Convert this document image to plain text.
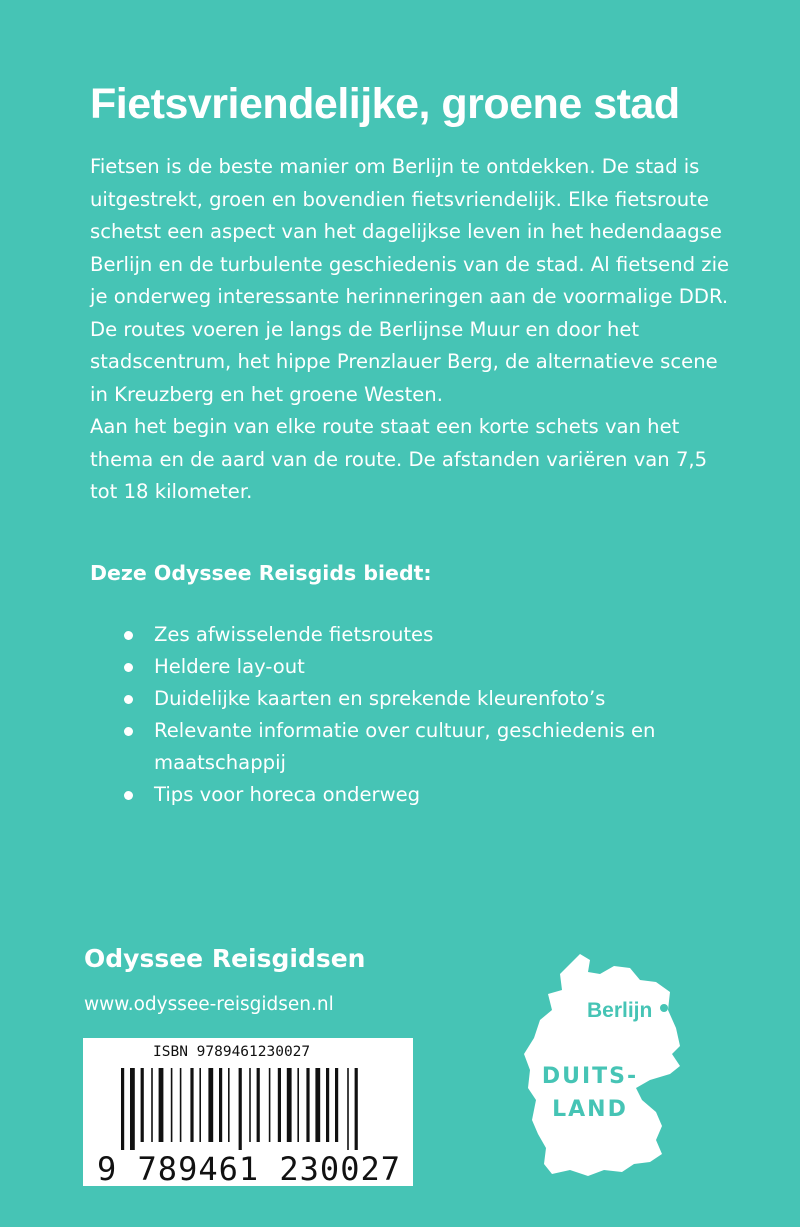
Fietsvriendelijke, groene stad

Fietsen is de beste manier om Berlijn te ontdekken. De stad is uitgestrekt, groen en bovendien fietsvriendelijk. Elke fietsroute schetst een aspect van het dagelijkse leven in het hedendaagse Berlijn en de turbulente geschiedenis van de stad. Al fietsend zie je onderweg interessante herinneringen aan de voormalige DDR. De routes voeren je langs de Berlijnse Muur en door het stadscentrum, het hippe Prenzlauer Berg, de alternatieve scene in Kreuzberg en het groene Westen.

Aan het begin van elke route staat een korte schets van het thema en de aard van de route. De afstanden variëren van 7,5 tot 18 kilometer.

Deze Odyssee Reisgids biedt:
Zes afwisselende fietsroutes
Heldere lay-out
Duidelijke kaarten en sprekende kleurenfoto’s
Relevante informatie over cultuur, geschiedenis en maatschappij
Tips voor horeca onderweg
Odyssee Reisgidsen
www.odyssee-reisgidsen.nl
ISBN 9789461230027
9 789461 230027
Berlijn
DUITS-
LAND
